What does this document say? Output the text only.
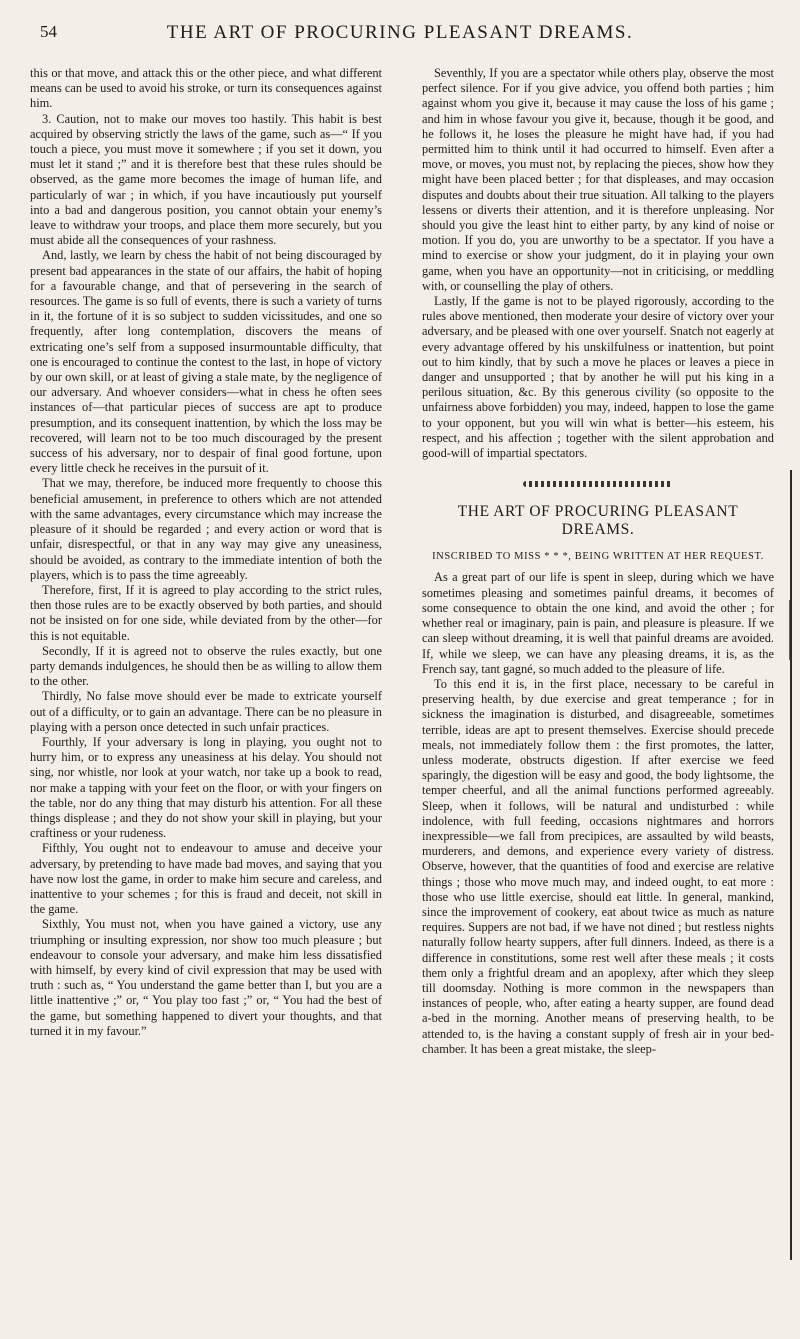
54	THE ART OF PROCURING PLEASANT DREAMS.

this or that move, and attack this or the other piece, and what different means can be used to avoid his stroke, or turn its consequences against him.

3. Caution, not to make our moves too hastily. This habit is best acquired by observing strictly the laws of the game, such as—“ If you touch a piece, you must move it somewhere ; if you set it down, you must let it stand ;” and it is therefore best that these rules should be observed, as the game more becomes the image of human life, and particularly of war ; in which, if you have incautiously put yourself into a bad and dangerous position, you cannot obtain your enemy’s leave to withdraw your troops, and place them more securely, but you must abide all the consequences of your rashness.

And, lastly, we learn by chess the habit of not being discouraged by present bad appearances in the state of our affairs, the habit of hoping for a favourable change, and that of persevering in the search of resources. The game is so full of events, there is such a variety of turns in it, the fortune of it is so subject to sudden vicissitudes, and one so frequently, after long contemplation, discovers the means of extricating one’s self from a supposed insurmountable difficulty, that one is encouraged to continue the contest to the last, in hope of victory by our own skill, or at least of giving a stale mate, by the negligence of our adversary. And whoever considers—what in chess he often sees instances of—that particular pieces of success are apt to produce presumption, and its consequent inattention, by which the loss may be recovered, will learn not to be too much discouraged by the present success of his adversary, nor to despair of final good fortune, upon every little check he receives in the pursuit of it.

That we may, therefore, be induced more frequently to choose this beneficial amusement, in preference to others which are not attended with the same advantages, every circumstance which may increase the pleasure of it should be regarded ; and every action or word that is unfair, disrespectful, or that in any way may give any uneasiness, should be avoided, as contrary to the immediate intention of both the players, which is to pass the time agreeably.

Therefore, first, If it is agreed to play according to the strict rules, then those rules are to be exactly observed by both parties, and should not be insisted on for one side, while deviated from by the other—for this is not equitable.

Secondly, If it is agreed not to observe the rules exactly, but one party demands indulgences, he should then be as willing to allow them to the other.

Thirdly, No false move should ever be made to extricate yourself out of a difficulty, or to gain an advantage. There can be no pleasure in playing with a person once detected in such unfair practices.

Fourthly, If your adversary is long in playing, you ought not to hurry him, or to express any uneasiness at his delay. You should not sing, nor whistle, nor look at your watch, nor take up a book to read, nor make a tapping with your feet on the floor, or with your fingers on the table, nor do any thing that may disturb his attention. For all these things displease ; and they do not show your skill in playing, but your craftiness or your rudeness.

Fifthly, You ought not to endeavour to amuse and deceive your adversary, by pretending to have made bad moves, and saying that you have now lost the game, in order to make him secure and careless, and inattentive to your schemes ; for this is fraud and deceit, not skill in the game.

Sixthly, You must not, when you have gained a victory, use any triumphing or insulting expression, nor show too much pleasure ; but endeavour to console your adversary, and make him less dissatisfied with himself, by every kind of civil expression that may be used with truth : such as, “ You understand the game better than I, but you are a little inattentive ;” or, “ You play too fast ;” or, “ You had the best of the game, but something happened to divert your thoughts, and that turned it in my favour.”

Seventhly, If you are a spectator while others play, observe the most perfect silence. For if you give advice, you offend both parties ; him against whom you give it, because it may cause the loss of his game ; and him in whose favour you give it, because, though it be good, and he follows it, he loses the pleasure he might have had, if you had permitted him to think until it had occurred to himself. Even after a move, or moves, you must not, by replacing the pieces, show how they might have been placed better ; for that displeases, and may occasion disputes and doubts about their true situation. All talking to the players lessens or diverts their attention, and it is therefore unpleasing. Nor should you give the least hint to either party, by any kind of noise or motion. If you do, you are unworthy to be a spectator. If you have a mind to exercise or show your judgment, do it in playing your own game, when you have an opportunity—not in criticising, or meddling with, or counselling the play of others.

Lastly, If the game is not to be played rigorously, according to the rules above mentioned, then moderate your desire of victory over your adversary, and be pleased with one over yourself. Snatch not eagerly at every advantage offered by his unskilfulness or inattention, but point out to him kindly, that by such a move he places or leaves a piece in danger and unsupported ; that by another he will put his king in a perilous situation, &c. By this generous civility (so opposite to the unfairness above forbidden) you may, indeed, happen to lose the game to your opponent, but you will win what is better—his esteem, his respect, and his affection ; together with the silent approbation and good-will of impartial spectators.

THE ART OF PROCURING PLEASANT
DREAMS.
INSCRIBED TO MISS * * *, BEING WRITTEN AT HER REQUEST.

As a great part of our life is spent in sleep, during which we have sometimes pleasing and sometimes painful dreams, it becomes of some consequence to obtain the one kind, and avoid the other ; for whether real or imaginary, pain is pain, and pleasure is pleasure. If we can sleep without dreaming, it is well that painful dreams are avoided. If, while we sleep, we can have any pleasing dreams, it is, as the French say, tant gagné, so much added to the pleasure of life.

To this end it is, in the first place, necessary to be careful in preserving health, by due exercise and great temperance ; for in sickness the imagination is disturbed, and disagreeable, sometimes terrible, ideas are apt to present themselves. Exercise should precede meals, not immediately follow them : the first promotes, the latter, unless moderate, obstructs digestion. If after exercise we feed sparingly, the digestion will be easy and good, the body lightsome, the temper cheerful, and all the animal functions performed agreeably. Sleep, when it follows, will be natural and undisturbed : while indolence, with full feeding, occasions nightmares and horrors inexpressible—we fall from precipices, are assaulted by wild beasts, murderers, and demons, and experience every variety of distress. Observe, however, that the quantities of food and exercise are relative things ; those who move much may, and indeed ought, to eat more : those who use little exercise, should eat little. In general, mankind, since the improvement of cookery, eat about twice as much as nature requires. Suppers are not bad, if we have not dined ; but restless nights naturally follow hearty suppers, after full dinners. Indeed, as there is a difference in constitutions, some rest well after these meals ; it costs them only a frightful dream and an apoplexy, after which they sleep till doomsday. Nothing is more common in the newspapers than instances of people, who, after eating a hearty supper, are found dead a-bed in the morning. Another means of preserving health, to be attended to, is the having a constant supply of fresh air in your bed-chamber. It has been a great mistake, the sleep-
